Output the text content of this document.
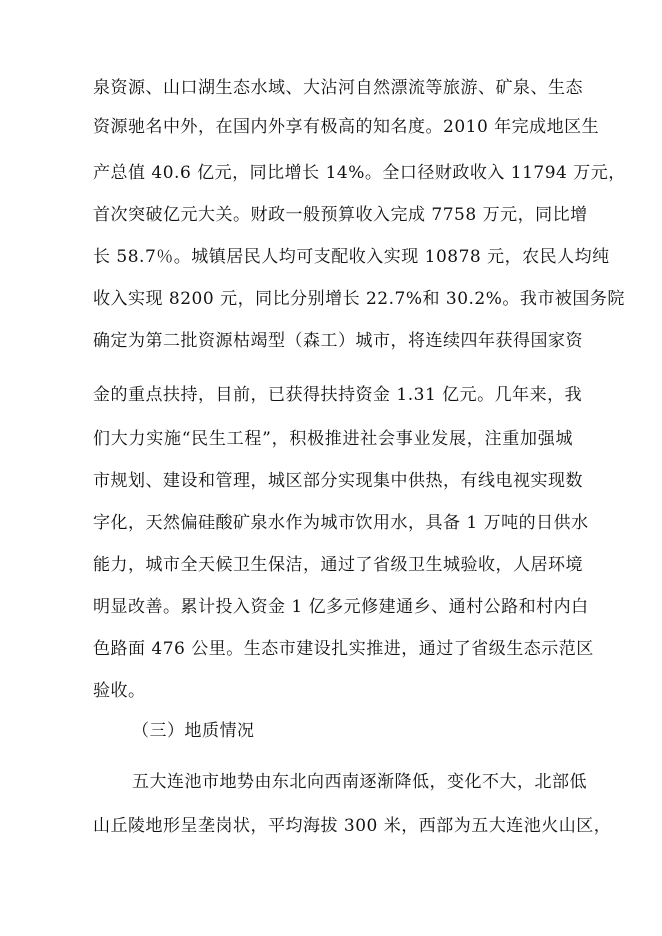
泉资源、山口湖生态水域、大沾河自然漂流等旅游、矿泉、生态
资源驰名中外，在国内外享有极高的知名度。2010 年完成地区生
产总值 40.6 亿元，同比增长 14%。全口径财政收入 11794 万元，
首次突破亿元大关。财政一般预算收入完成 7758 万元，同比增
长 58.7％。城镇居民人均可支配收入实现 10878 元，农民人均纯
收入实现 8200 元，同比分别增长 22.7%和 30.2%。我市被国务院
确定为第二批资源枯竭型（森工）城市，将连续四年获得国家资
金的重点扶持，目前，已获得扶持资金 1.31 亿元。几年来，我
们大力实施“民生工程”，积极推进社会事业发展，注重加强城
市规划、建设和管理，城区部分实现集中供热，有线电视实现数
字化，天然偏硅酸矿泉水作为城市饮用水，具备 1 万吨的日供水
能力，城市全天候卫生保洁，通过了省级卫生城验收，人居环境
明显改善。累计投入资金 1 亿多元修建通乡、通村公路和村内白
色路面 476 公里。生态市建设扎实推进，通过了省级生态示范区
验收。
（三）地质情况
五大连池市地势由东北向西南逐渐降低，变化不大，北部低
山丘陵地形呈垄岗状，平均海拔 300 米，西部为五大连池火山区，
